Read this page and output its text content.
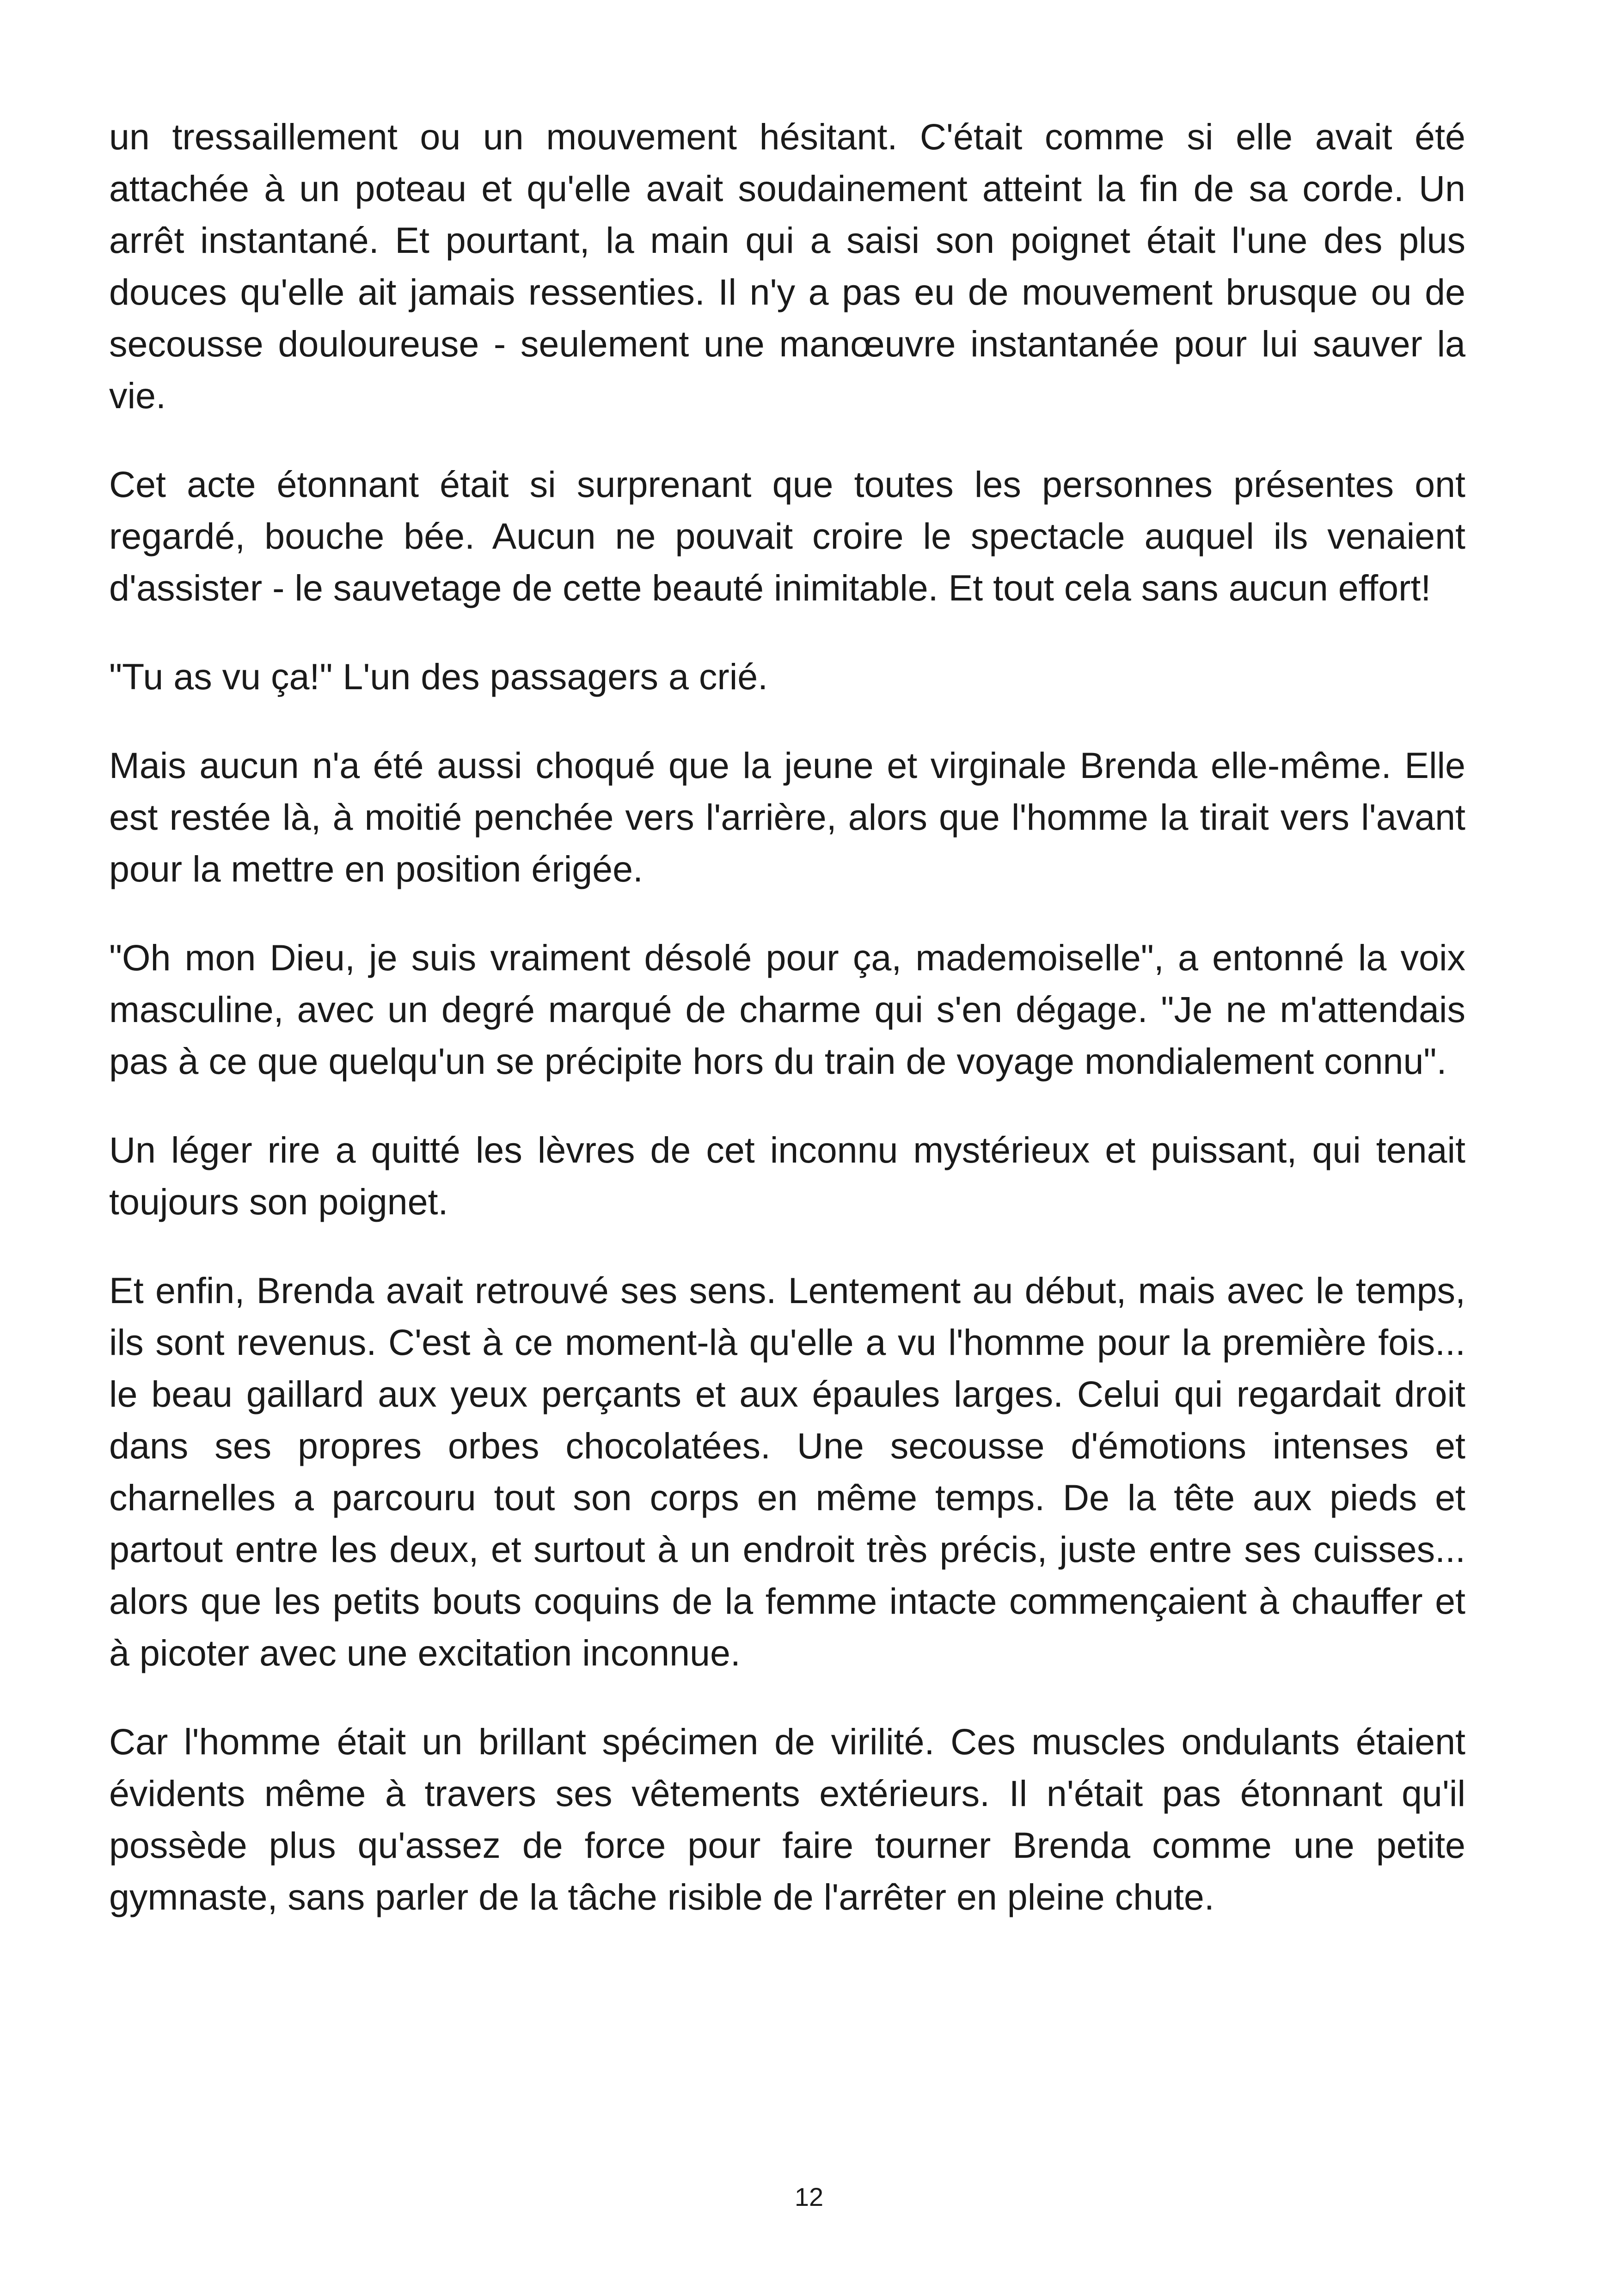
un tressaillement ou un mouvement hésitant. C'était comme si elle avait été attachée à un poteau et qu'elle avait soudainement atteint la fin de sa corde. Un arrêt instantané. Et pourtant, la main qui a saisi son poignet était l'une des plus douces qu'elle ait jamais ressenties. Il n'y a pas eu de mouvement brusque ou de secousse douloureuse - seulement une manœuvre instantanée pour lui sauver la vie.

Cet acte étonnant était si surprenant que toutes les personnes présentes ont regardé, bouche bée. Aucun ne pouvait croire le spectacle auquel ils venaient d'assister - le sauvetage de cette beauté inimitable. Et tout cela sans aucun effort!

"Tu as vu ça!" L'un des passagers a crié.

Mais aucun n'a été aussi choqué que la jeune et virginale Brenda elle-même. Elle est restée là, à moitié penchée vers l'arrière, alors que l'homme la tirait vers l'avant pour la mettre en position érigée.

"Oh mon Dieu, je suis vraiment désolé pour ça, mademoiselle", a entonné la voix masculine, avec un degré marqué de charme qui s'en dégage. "Je ne m'attendais pas à ce que quelqu'un se précipite hors du train de voyage mondialement connu".

Un léger rire a quitté les lèvres de cet inconnu mystérieux et puissant, qui tenait toujours son poignet.

Et enfin, Brenda avait retrouvé ses sens. Lentement au début, mais avec le temps, ils sont revenus. C'est à ce moment-là qu'elle a vu l'homme pour la première fois... le beau gaillard aux yeux perçants et aux épaules larges. Celui qui regardait droit dans ses propres orbes chocolatées. Une secousse d'émotions intenses et charnelles a parcouru tout son corps en même temps. De la tête aux pieds et partout entre les deux, et surtout à un endroit très précis, juste entre ses cuisses... alors que les petits bouts coquins de la femme intacte commençaient à chauffer et à picoter avec une excitation inconnue.

Car l'homme était un brillant spécimen de virilité. Ces muscles ondulants étaient évidents même à travers ses vêtements extérieurs. Il n'était pas étonnant qu'il possède plus qu'assez de force pour faire tourner Brenda comme une petite gymnaste, sans parler de la tâche risible de l'arrêter en pleine chute.

12
